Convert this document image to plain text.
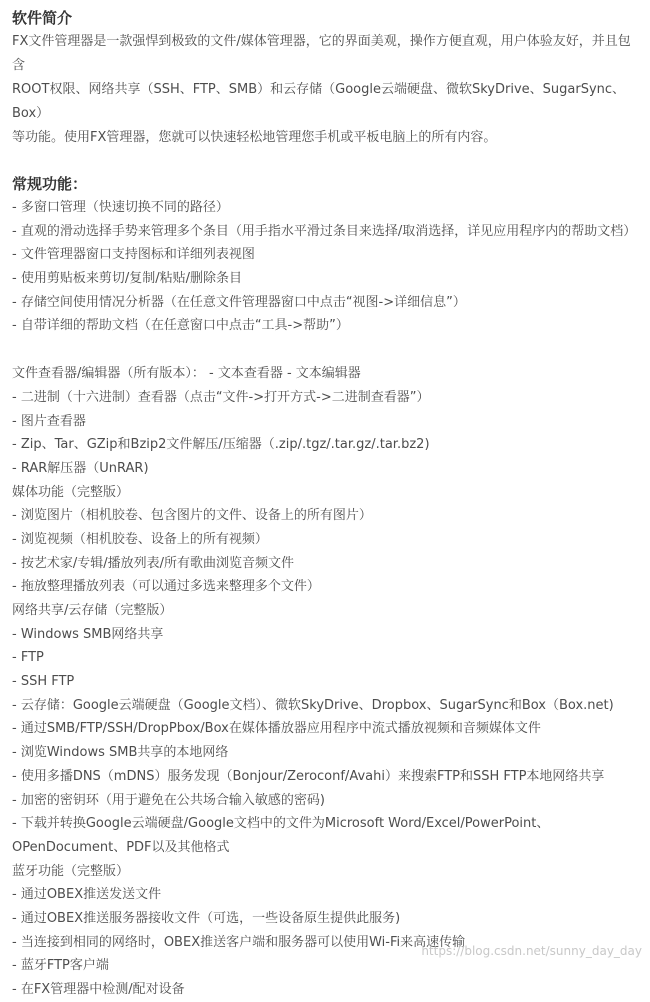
软件简介

FX文件管理器是一款强悍到极致的文件/媒体管理器，它的界面美观，操作方便直观，用户体验友好，并且包含

ROOT权限、网络共享（SSH、FTP、SMB）和云存储（Google云端硬盘、微软SkyDrive、SugarSync、Box）

等功能。使用FX管理器，您就可以快速轻松地管理您手机或平板电脑上的所有内容。

常规功能：
- 多窗口管理（快速切换不同的路径）
- 直观的滑动选择手势来管理多个条目（用手指水平滑过条目来选择/取消选择，详见应用程序内的帮助文档）
- 文件管理器窗口支持图标和详细列表视图
- 使用剪贴板来剪切/复制/粘贴/删除条目
- 存储空间使用情况分析器（在任意文件管理器窗口中点击“视图->详细信息”）
- 自带详细的帮助文档（在任意窗口中点击“工具->帮助”）
文件查看器/编辑器（所有版本）： - 文本查看器 - 文本编辑器
- 二进制（十六进制）查看器（点击“文件->打开方式->二进制查看器”）
- 图片查看器
- Zip、Tar、GZip和Bzip2文件解压/压缩器（.zip/.tgz/.tar.gz/.tar.bz2)
- RAR解压器（UnRAR)
媒体功能（完整版）
- 浏览图片（相机胶卷、包含图片的文件、设备上的所有图片）
- 浏览视频（相机胶卷、设备上的所有视频）
- 按艺术家/专辑/播放列表/所有歌曲浏览音频文件
- 拖放整理播放列表（可以通过多选来整理多个文件）
网络共享/云存储（完整版）
- Windows SMB网络共享
- FTP
- SSH FTP
- 云存储：Google云端硬盘（Google文档）、微软SkyDrive、Dropbox、SugarSync和Box（Box.net)
- 通过SMB/FTP/SSH/DropPbox/Box在媒体播放器应用程序中流式播放视频和音频媒体文件
- 浏览Windows SMB共享的本地网络
- 使用多播DNS（mDNS）服务发现（Bonjour/Zeroconf/Avahi）来搜索FTP和SSH FTP本地网络共享
- 加密的密钥环（用于避免在公共场合输入敏感的密码)
- 下载并转换Google云端硬盘/Google文档中的文件为Microsoft Word/Excel/PowerPoint、
OPenDocument、PDF以及其他格式
蓝牙功能（完整版）
- 通过OBEX推送发送文件
- 通过OBEX推送服务器接收文件（可选，一些设备原生提供此服务)
- 当连接到相同的网络时，OBEX推送客户端和服务器可以使用Wi-Fi来高速传输
- 蓝牙FTP客户端
- 在FX管理器中检测/配对设备
https://blog.csdn.net/sunny_day_day
